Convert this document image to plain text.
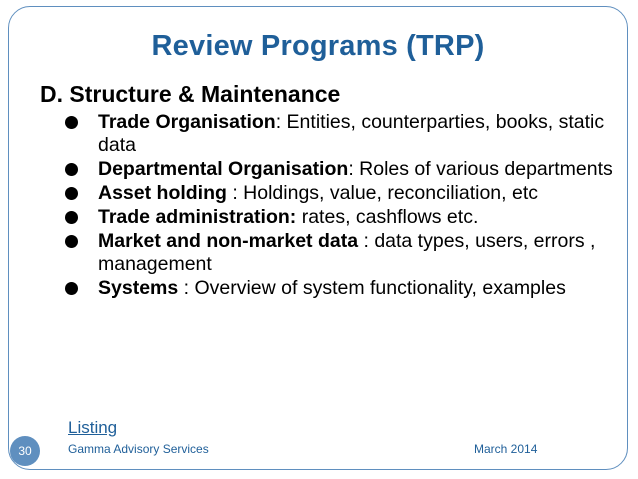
Review Programs (TRP)
D. Structure & Maintenance
Trade Organisation: Entities, counterparties, books, static data
Departmental Organisation: Roles of various departments
Asset holding : Holdings, value, reconciliation, etc
Trade administration: rates, cashflows etc.
Market and non-market data : data types, users, errors , management
Systems : Overview of system functionality, examples
Listing
30	Gamma Advisory Services	March 2014
